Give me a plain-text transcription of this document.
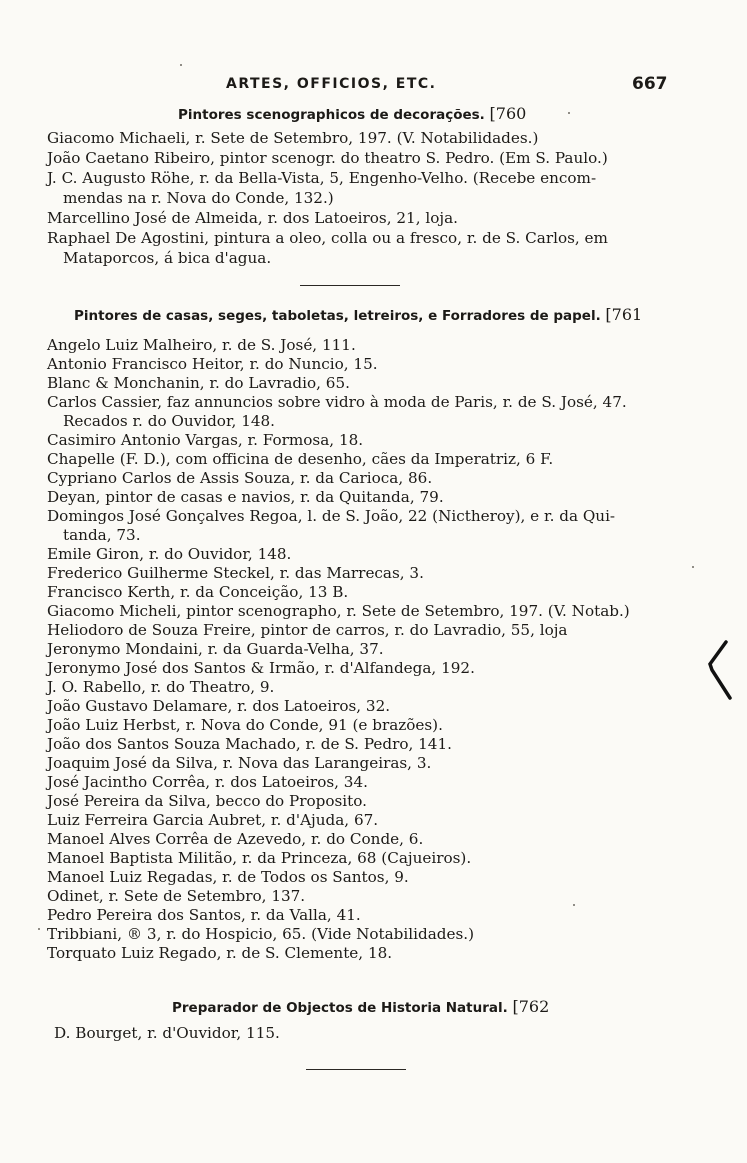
ARTES, OFFICIOS, ETC.	667
Pintores scenographicos de decorações. [760
Giacomo Michaeli, r. Sete de Setembro, 197. (V. Notabilidades.)
João Caetano Ribeiro, pintor scenogr. do theatro S. Pedro. (Em S. Paulo.)
J. C. Augusto Röhe, r. da Bella-Vista, 5, Engenho-Velho. (Recebe encom-
mendas na r. Nova do Conde, 132.)
Marcellino José de Almeida, r. dos Latoeiros, 21, loja.
Raphael De Agostini, pintura a oleo, colla ou a fresco, r. de S. Carlos, em
Mataporcos, á bica d'agua.
Pintores de casas, seges, taboletas, letreiros, e Forradores de papel. [761
Angelo Luiz Malheiro, r. de S. José, 111.
Antonio Francisco Heitor, r. do Nuncio, 15.
Blanc & Monchanin, r. do Lavradio, 65.
Carlos Cassier, faz annuncios sobre vidro à moda de Paris, r. de S. José, 47.
Recados r. do Ouvidor, 148.
Casimiro Antonio Vargas, r. Formosa, 18.
Chapelle (F. D.), com officina de desenho, cães da Imperatriz, 6 F.
Cypriano Carlos de Assis Souza, r. da Carioca, 86.
Deyan, pintor de casas e navios, r. da Quitanda, 79.
Domingos José Gonçalves Regoa, l. de S. João, 22 (Nictheroy), e r. da Qui-
tanda, 73.
Emile Giron, r. do Ouvidor, 148.
Frederico Guilherme Steckel, r. das Marrecas, 3.
Francisco Kerth, r. da Conceição, 13 B.
Giacomo Micheli, pintor scenographo, r. Sete de Setembro, 197. (V. Notab.)
Heliodoro de Souza Freire, pintor de carros, r. do Lavradio, 55, loja
Jeronymo Mondaini, r. da Guarda-Velha, 37.
Jeronymo José dos Santos & Irmão, r. d'Alfandega, 192.
J. O. Rabello, r. do Theatro, 9.
João Gustavo Delamare, r. dos Latoeiros, 32.
João Luiz Herbst, r. Nova do Conde, 91 (e brazões).
João dos Santos Souza Machado, r. de S. Pedro, 141.
Joaquim José da Silva, r. Nova das Larangeiras, 3.
José Jacintho Corrêa, r. dos Latoeiros, 34.
José Pereira da Silva, becco do Proposito.
Luiz Ferreira Garcia Aubret, r. d'Ajuda, 67.
Manoel Alves Corrêa de Azevedo, r. do Conde, 6.
Manoel Baptista Militão, r. da Princeza, 68 (Cajueiros).
Manoel Luiz Regadas, r. de Todos os Santos, 9.
Odinet, r. Sete de Setembro, 137.
Pedro Pereira dos Santos, r. da Valla, 41.
Tribbiani, ® 3, r. do Hospicio, 65. (Vide Notabilidades.)
Torquato Luiz Regado, r. de S. Clemente, 18.
Preparador de Objectos de Historia Natural. [762
D. Bourget, r. d'Ouvidor, 115.
